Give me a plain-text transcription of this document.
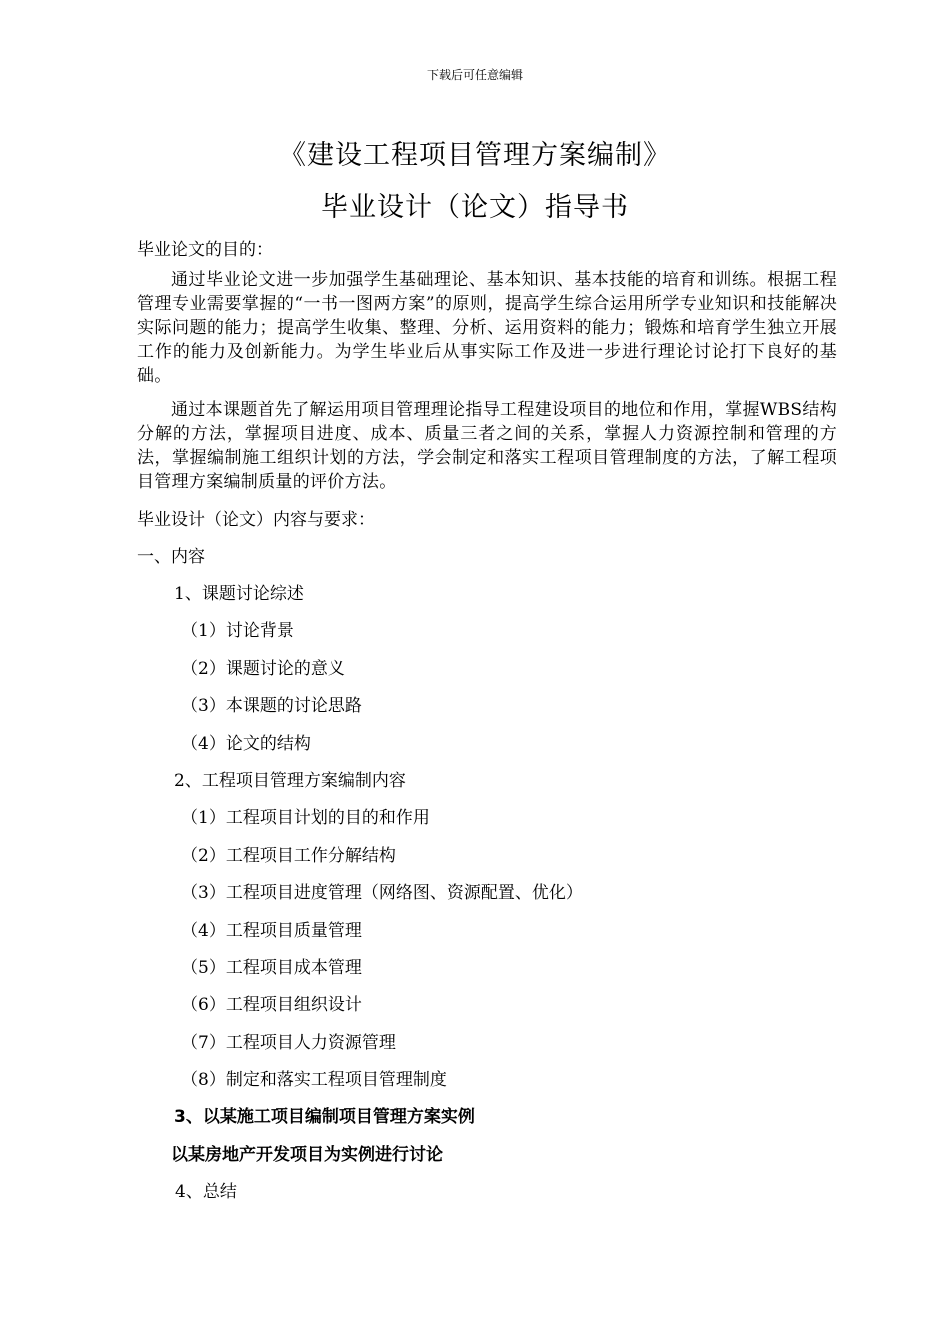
下载后可任意编辑
《建设工程项目管理方案编制》
毕业设计（论文）指导书

毕业论文的目的：

通过毕业论文进一步加强学生基础理论、基本知识、基本技能的培育和训练。根据工程管理专业需要掌握的“一书一图两方案”的原则，提高学生综合运用所学专业知识和技能解决实际问题的能力；提高学生收集、整理、分析、运用资料的能力；锻炼和培育学生独立开展工作的能力及创新能力。为学生毕业后从事实际工作及进一步进行理论讨论打下良好的基础。

通过本课题首先了解运用项目管理理论指导工程建设项目的地位和作用，掌握WBS结构分解的方法，掌握项目进度、成本、质量三者之间的关系，掌握人力资源控制和管理的方法，掌握编制施工组织计划的方法，学会制定和落实工程项目管理制度的方法，了解工程项目管理方案编制质量的评价方法。

毕业设计（论文）内容与要求：

一、内容

1、课题讨论综述
（1）讨论背景
（2）课题讨论的意义
（3）本课题的讨论思路
（4）论文的结构
2、工程项目管理方案编制内容
（1）工程项目计划的目的和作用
（2）工程项目工作分解结构
（3）工程项目进度管理（网络图、资源配置、优化）
（4）工程项目质量管理
（5）工程项目成本管理
（6）工程项目组织设计
（7）工程项目人力资源管理
（8）制定和落实工程项目管理制度
3、以某施工项目编制项目管理方案实例
以某房地产开发项目为实例进行讨论
4、总结
